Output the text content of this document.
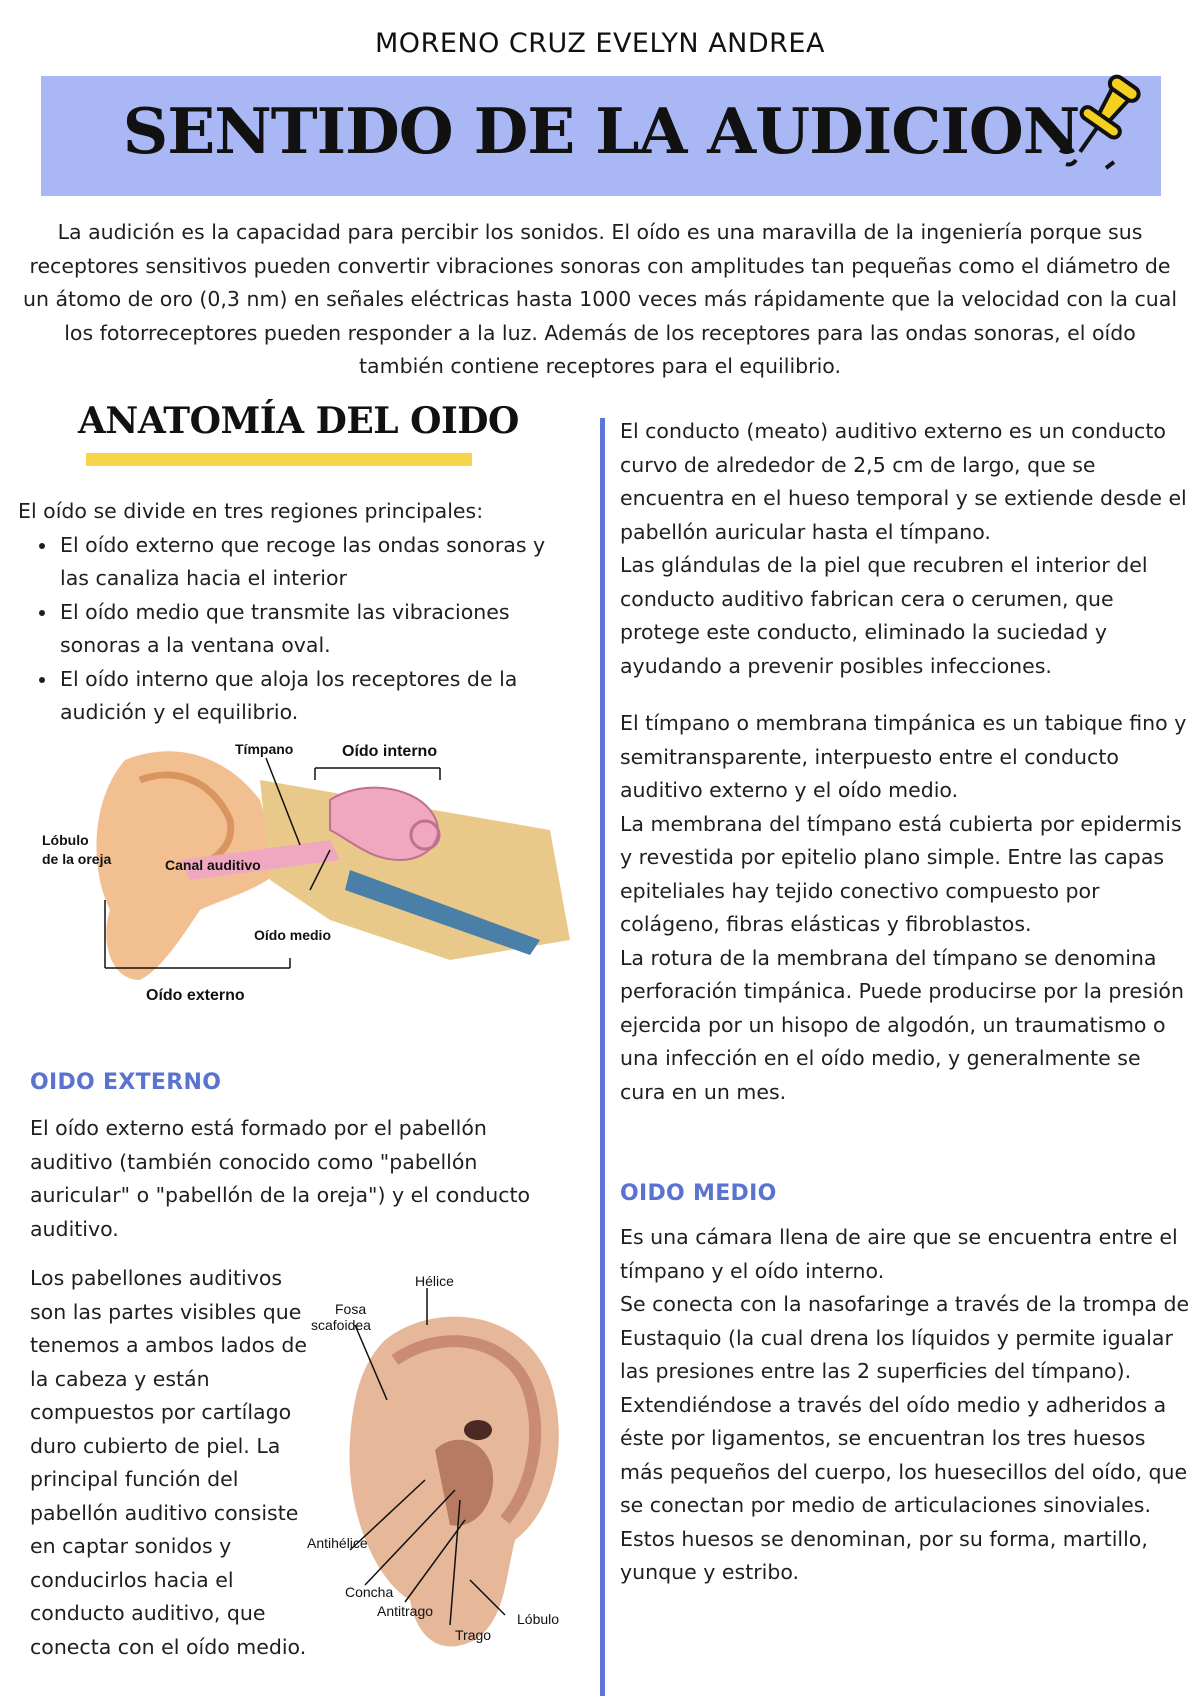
MORENO CRUZ EVELYN ANDREA
SENTIDO DE LA AUDICION
La audición es la capacidad para percibir los sonidos. El oído es una maravilla de la ingeniería porque sus receptores sensitivos pueden convertir vibraciones sonoras con amplitudes tan pequeñas como el diámetro de un átomo de oro (0,3 nm) en señales eléctricas hasta 1000 veces más rápidamente que la velocidad con la cual los fotorreceptores pueden responder a la luz. Además de los receptores para las ondas sonoras, el oído también contiene receptores para el equilibrio.
ANATOMÍA DEL OIDO
El oído se divide en tres regiones principales:
• El oído externo que recoge las ondas sonoras y las canaliza hacia el interior
• El oído medio que transmite las vibraciones sonoras a la ventana oval.
• El oído interno que aloja los receptores de la audición y el equilibrio.
Tímpano	Oído interno
Lóbulo
de la oreja	Canal auditivo
Oído medio
Oído externo
OIDO EXTERNO
El oído externo está formado por el pabellón auditivo (también conocido como "pabellón auricular" o "pabellón de la oreja") y el conducto auditivo.
Los pabellones auditivos son las partes visibles que tenemos a ambos lados de la cabeza y están compuestos por cartílago duro cubierto de piel. La principal función del pabellón auditivo consiste en captar sonidos y conducirlos hacia el conducto auditivo, que conecta con el oído medio.
Hélice
Fosa
scafoidea
Antihélice
Concha
Antitrago
Trago
Lóbulo
El conducto (meato) auditivo externo es un conducto curvo de alrededor de 2,5 cm de largo, que se encuentra en el hueso temporal y se extiende desde el pabellón auricular hasta el tímpano.
Las glándulas de la piel que recubren el interior del conducto auditivo fabrican cera o cerumen, que protege este conducto, eliminado la suciedad y ayudando a prevenir posibles infecciones.
El tímpano o membrana timpánica es un tabique fino y semitransparente, interpuesto entre el conducto auditivo externo y el oído medio.
La membrana del tímpano está cubierta por epidermis y revestida por epitelio plano simple. Entre las capas epiteliales hay tejido conectivo compuesto por colágeno, fibras elásticas y fibroblastos.
La rotura de la membrana del tímpano se denomina perforación timpánica. Puede producirse por la presión ejercida por un hisopo de algodón, un traumatismo o una infección en el oído medio, y generalmente se cura en un mes.
OIDO MEDIO
Es una cámara llena de aire que se encuentra entre el tímpano y el oído interno.
Se conecta con la nasofaringe a través de la trompa de Eustaquio (la cual drena los líquidos y permite igualar las presiones entre las 2 superficies del tímpano).
Extendiéndose a través del oído medio y adheridos a éste por ligamentos, se encuentran los tres huesos más pequeños del cuerpo, los huesecillos del oído, que se conectan por medio de articulaciones sinoviales. Estos huesos se denominan, por su forma, martillo, yunque y estribo.
